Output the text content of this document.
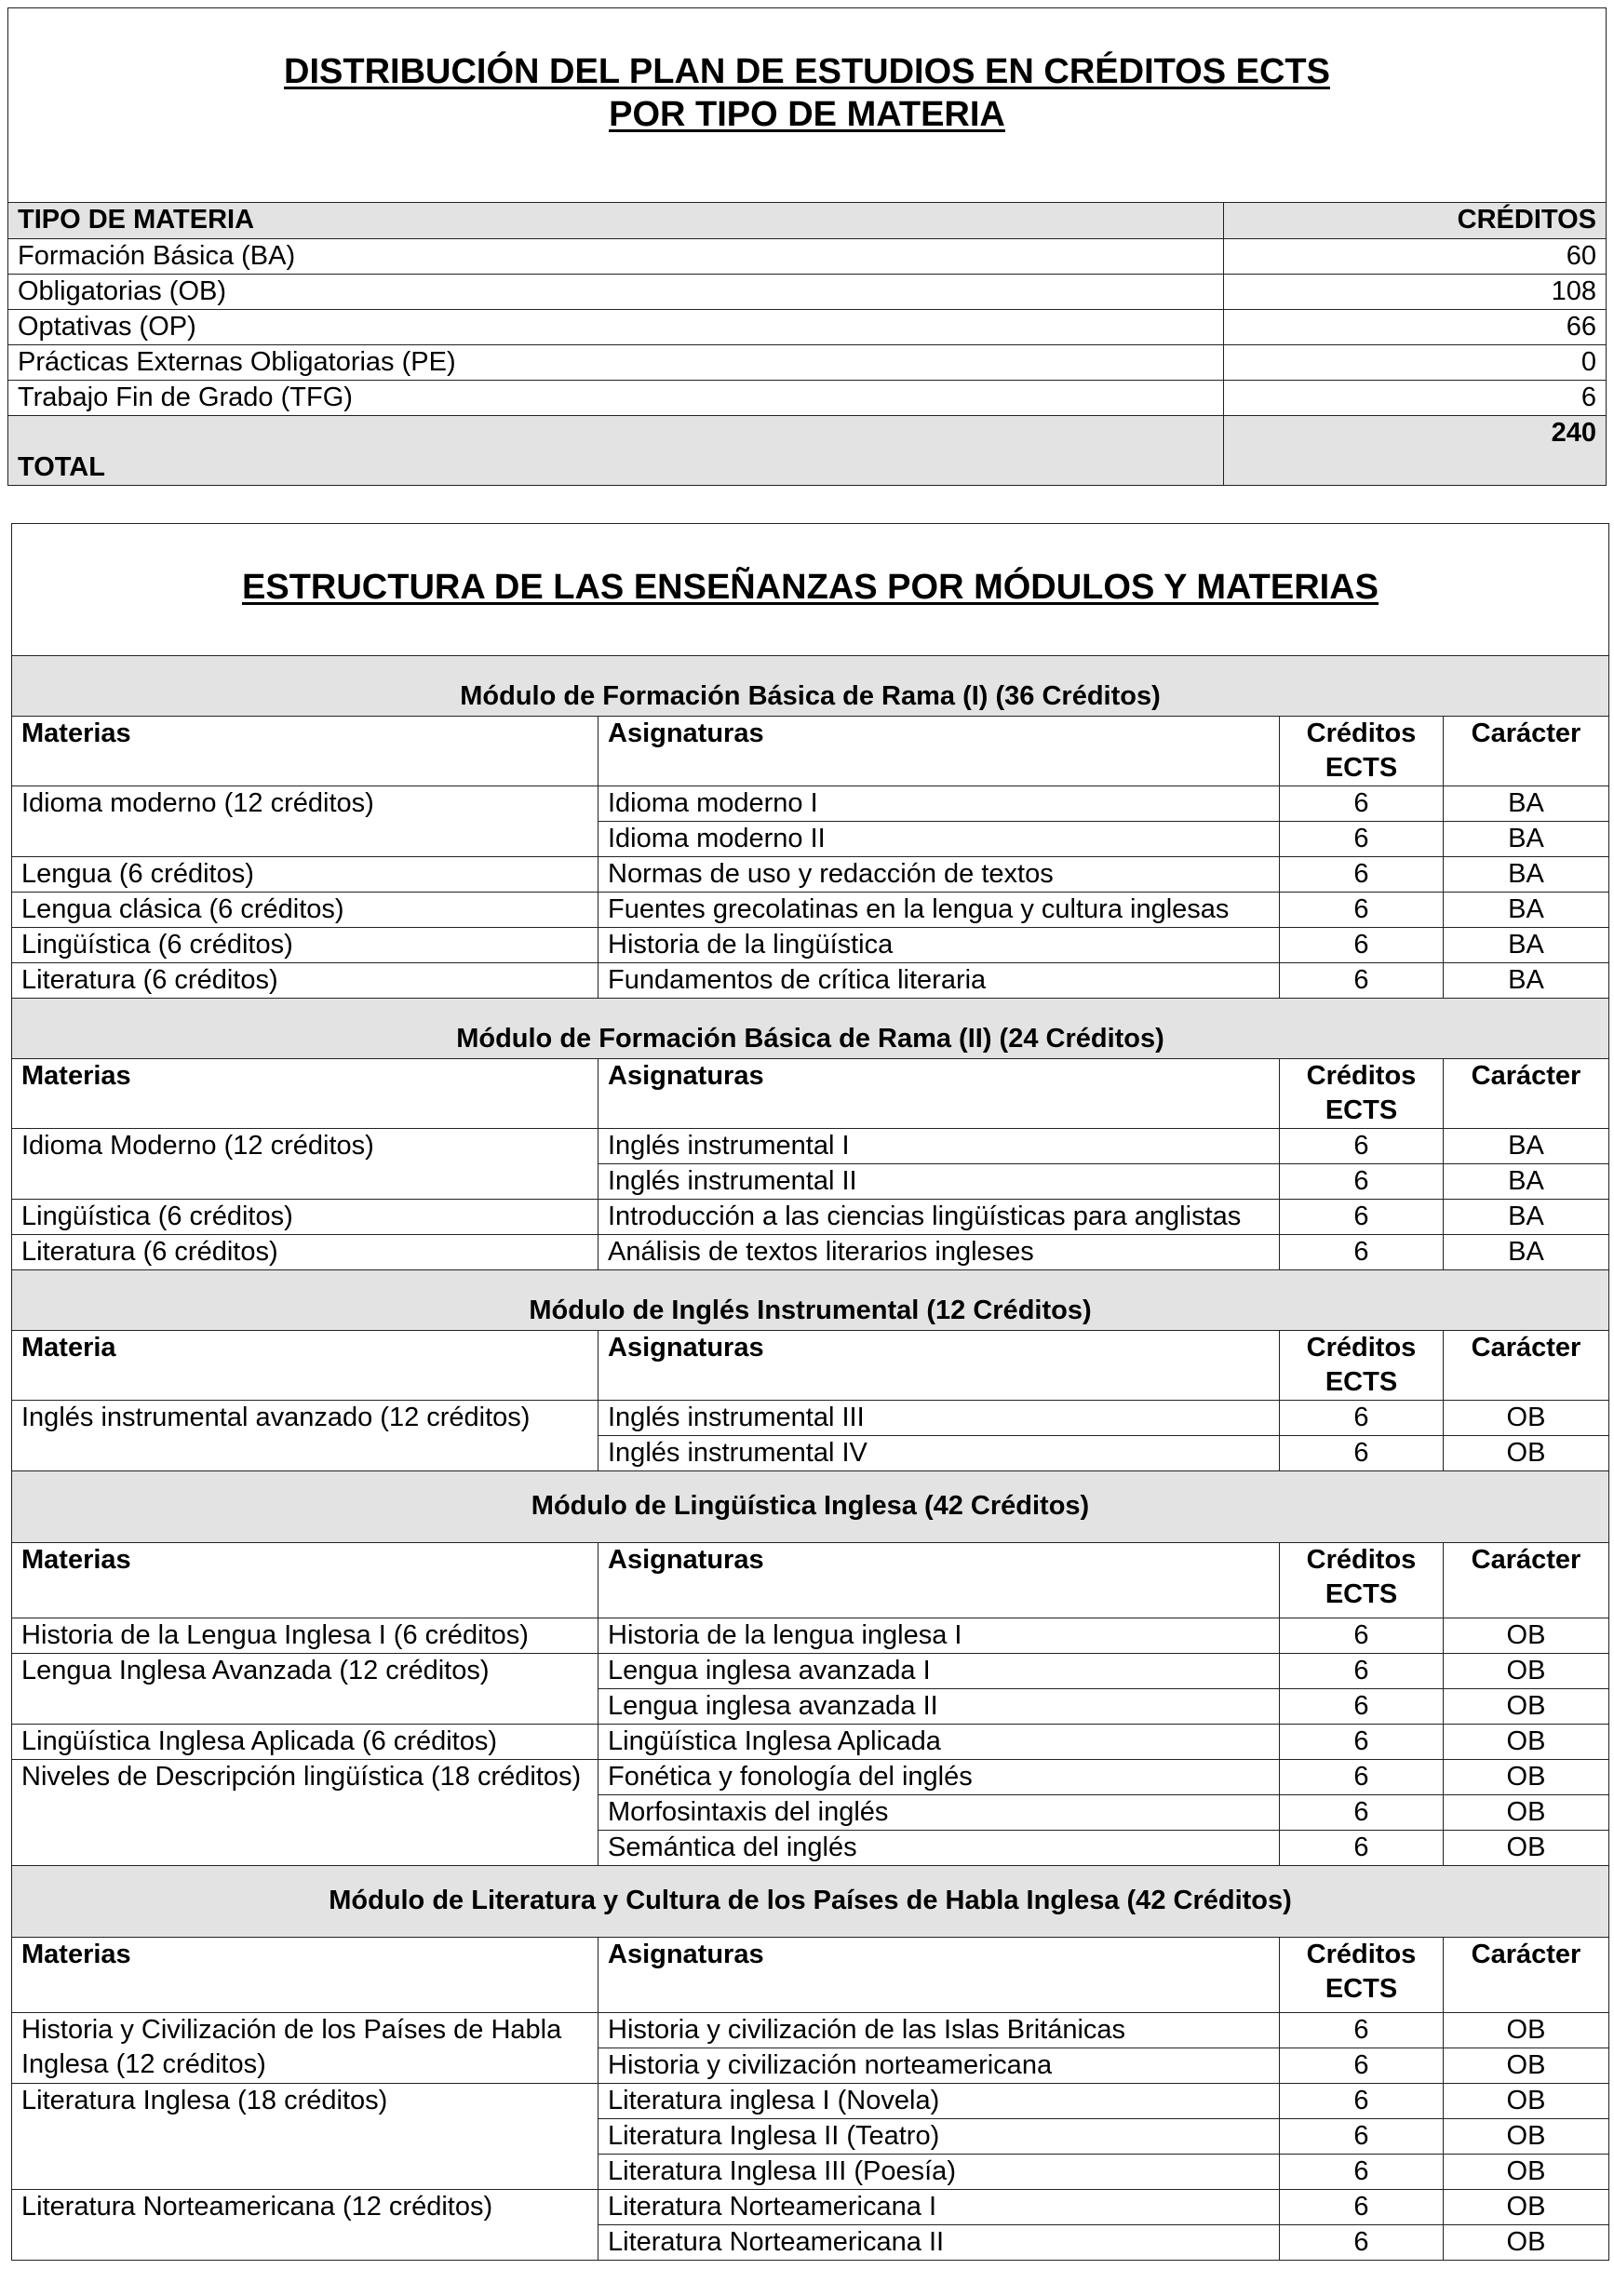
DISTRIBUCIÓN DEL PLAN DE ESTUDIOS EN CRÉDITOS ECTS
POR TIPO DE MATERIA	

TIPO DE MATERIA	CRÉDITOS
Formación Básica (BA)	60
Obligatorias (OB)	108
Optativas (OP)	66
Prácticas Externas Obligatorias (PE)	0
Trabajo Fin de Grado (TFG)	6
TOTAL	240
ESTRUCTURA DE LAS ENSEÑANZAS POR MÓDULOS Y MATERIAS			
Módulo de Formación Básica de Rama (I) (36 Créditos)			
Materias	Asignaturas	Créditos ECTS	Carácter
Idioma moderno (12 créditos)	Idioma moderno I	6	BA
	Idioma moderno II	6	BA
Lengua (6 créditos)	Normas de uso y redacción de textos	6	BA
Lengua clásica (6 créditos)	Fuentes grecolatinas en la lengua y cultura inglesas	6	BA
Lingüística (6 créditos)	Historia de la lingüística	6	BA
Literatura (6 créditos)	Fundamentos de crítica literaria	6	BA
Módulo de Formación Básica de Rama (II) (24 Créditos)			
Materias	Asignaturas	Créditos ECTS	Carácter
Idioma Moderno (12 créditos)	Inglés instrumental I	6	BA
	Inglés instrumental II	6	BA
Lingüística (6 créditos)	Introducción a las ciencias lingüísticas para anglistas	6	BA
Literatura (6 créditos)	Análisis de textos literarios ingleses	6	BA
Módulo de Inglés Instrumental (12 Créditos)			
Materia	Asignaturas	Créditos ECTS	Carácter
Inglés instrumental avanzado (12 créditos)	Inglés instrumental III	6	OB
	Inglés instrumental IV	6	OB
Módulo de Lingüística Inglesa (42 Créditos)			
Materias	Asignaturas	Créditos ECTS	Carácter
Historia de la Lengua Inglesa I (6 créditos)	Historia de la lengua inglesa I	6	OB
Lengua Inglesa Avanzada (12 créditos)	Lengua inglesa avanzada I	6	OB
	Lengua inglesa avanzada II	6	OB
Lingüística Inglesa Aplicada (6 créditos)	Lingüística Inglesa Aplicada	6	OB
Niveles de Descripción lingüística (18 créditos)	Fonética y fonología del inglés	6	OB
	Morfosintaxis del inglés	6	OB
	Semántica del inglés	6	OB
Módulo de Literatura y Cultura de los Países de Habla Inglesa (42 Créditos)			
Materias	Asignaturas	Créditos ECTS	Carácter
Historia y Civilización de los Países de Habla Inglesa (12 créditos)	Historia y civilización de las Islas Británicas	6	OB
	Historia y civilización norteamericana	6	OB
Literatura Inglesa (18 créditos)	Literatura inglesa I (Novela)	6	OB
	Literatura Inglesa II (Teatro)	6	OB
	Literatura Inglesa III (Poesía)	6	OB
Literatura Norteamericana (12 créditos)	Literatura Norteamericana I	6	OB
	Literatura Norteamericana II	6	OB
